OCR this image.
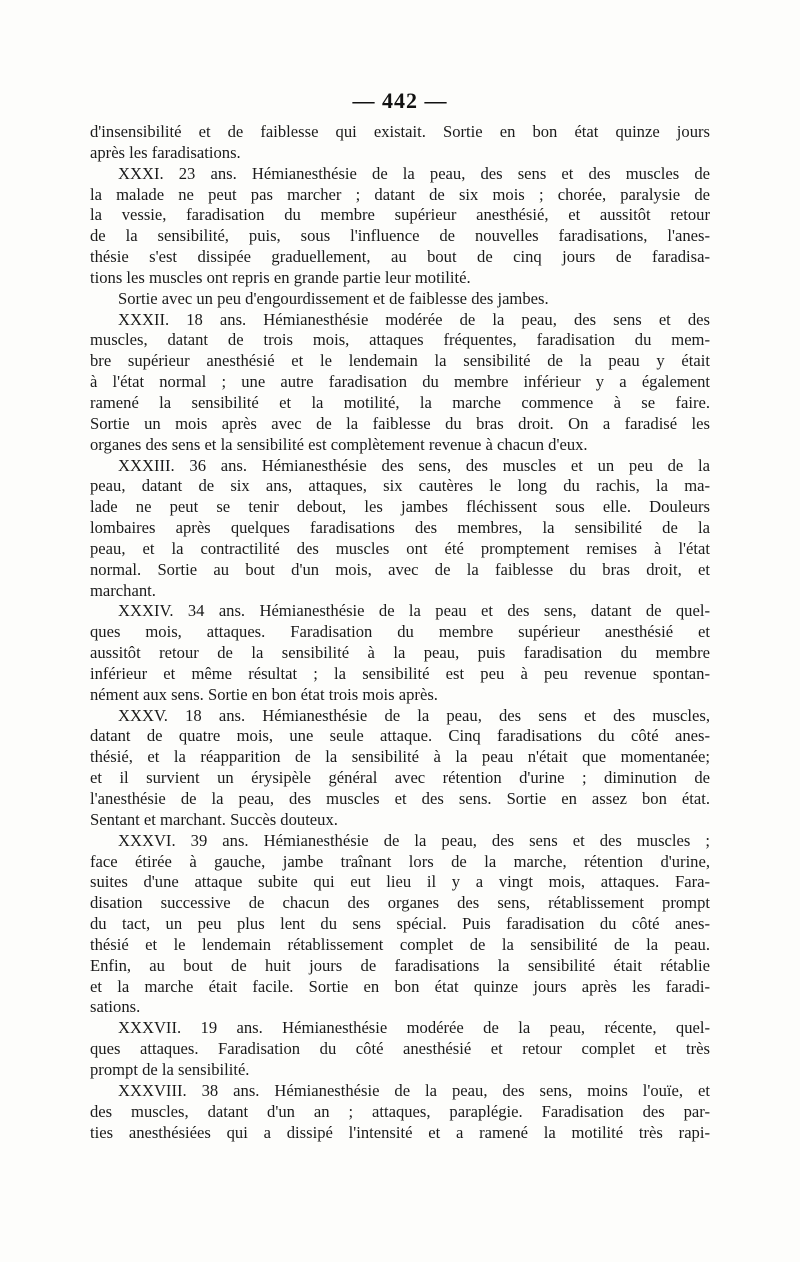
— 442 —
d'insensibilité et de faiblesse qui existait. Sortie en bon état quinze jours
après les faradisations.
XXXI. 23 ans. Hémianesthésie de la peau, des sens et des muscles de
la malade ne peut pas marcher ; datant de six mois ; chorée, paralysie de
la vessie, faradisation du membre supérieur anesthésié, et aussitôt retour
de la sensibilité, puis, sous l'influence de nouvelles faradisations, l'anes-
thésie s'est dissipée graduellement, au bout de cinq jours de faradisa-
tions les muscles ont repris en grande partie leur motilité.
Sortie avec un peu d'engourdissement et de faiblesse des jambes.
XXXII. 18 ans. Hémianesthésie modérée de la peau, des sens et des
muscles, datant de trois mois, attaques fréquentes, faradisation du mem-
bre supérieur anesthésié et le lendemain la sensibilité de la peau y était
à l'état normal ; une autre faradisation du membre inférieur y a également
ramené la sensibilité et la motilité, la marche commence à se faire.
Sortie un mois après avec de la faiblesse du bras droit. On a faradisé les
organes des sens et la sensibilité est complètement revenue à chacun d'eux.
XXXIII. 36 ans. Hémianesthésie des sens, des muscles et un peu de la
peau, datant de six ans, attaques, six cautères le long du rachis, la ma-
lade ne peut se tenir debout, les jambes fléchissent sous elle. Douleurs
lombaires après quelques faradisations des membres, la sensibilité de la
peau, et la contractilité des muscles ont été promptement remises à l'état
normal. Sortie au bout d'un mois, avec de la faiblesse du bras droit, et
marchant.
XXXIV. 34 ans. Hémianesthésie de la peau et des sens, datant de quel-
ques mois, attaques. Faradisation du membre supérieur anesthésié et
aussitôt retour de la sensibilité à la peau, puis faradisation du membre
inférieur et même résultat ; la sensibilité est peu à peu revenue spontan-
nément aux sens. Sortie en bon état trois mois après.
XXXV. 18 ans. Hémianesthésie de la peau, des sens et des muscles,
datant de quatre mois, une seule attaque. Cinq faradisations du côté anes-
thésié, et la réapparition de la sensibilité à la peau n'était que momentanée;
et il survient un érysipèle général avec rétention d'urine ; diminution de
l'anesthésie de la peau, des muscles et des sens. Sortie en assez bon état.
Sentant et marchant. Succès douteux.
XXXVI. 39 ans. Hémianesthésie de la peau, des sens et des muscles ;
face étirée à gauche, jambe traînant lors de la marche, rétention d'urine,
suites d'une attaque subite qui eut lieu il y a vingt mois, attaques. Fara-
disation successive de chacun des organes des sens, rétablissement prompt
du tact, un peu plus lent du sens spécial. Puis faradisation du côté anes-
thésié et le lendemain rétablissement complet de la sensibilité de la peau.
Enfin, au bout de huit jours de faradisations la sensibilité était rétablie
et la marche était facile. Sortie en bon état quinze jours après les faradi-
sations.
XXXVII. 19 ans. Hémianesthésie modérée de la peau, récente, quel-
ques attaques. Faradisation du côté anesthésié et retour complet et très
prompt de la sensibilité.
XXXVIII. 38 ans. Hémianesthésie de la peau, des sens, moins l'ouïe, et
des muscles, datant d'un an ; attaques, paraplégie. Faradisation des par-
ties anesthésiées qui a dissipé l'intensité et a ramené la motilité très rapi-
